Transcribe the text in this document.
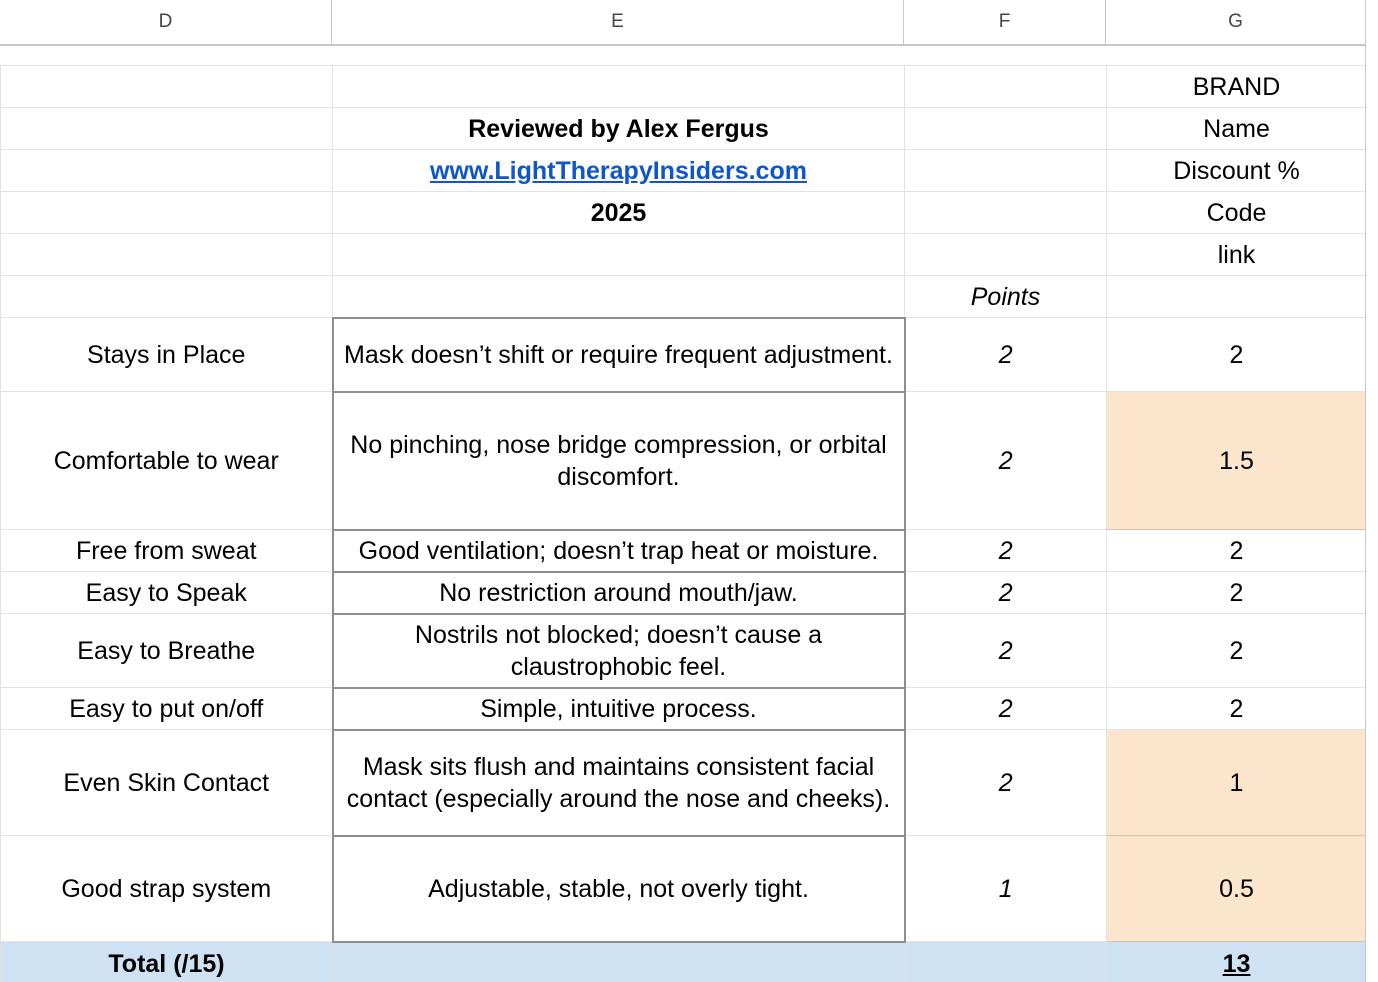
D	E	F	G
			BRAND
	Reviewed by Alex Fergus		Name
	www.LightTherapyInsiders.com		Discount %
	2025		Code
			link
		Points	
Stays in Place	Mask doesn’t shift or require frequent adjustment.	2	2
Comfortable to wear	No pinching, nose bridge compression, or orbital discomfort.	2	1.5
Free from sweat	Good ventilation; doesn’t trap heat or moisture.	2	2
Easy to Speak	No restriction around mouth/jaw.	2	2
Easy to Breathe	Nostrils not blocked; doesn’t cause a claustrophobic feel.	2	2
Easy to put on/off	Simple, intuitive process.	2	2
Even Skin Contact	Mask sits flush and maintains consistent facial contact (especially around the nose and cheeks).	2	1
Good strap system	Adjustable, stable, not overly tight.	1	0.5
Total (/15)			13
